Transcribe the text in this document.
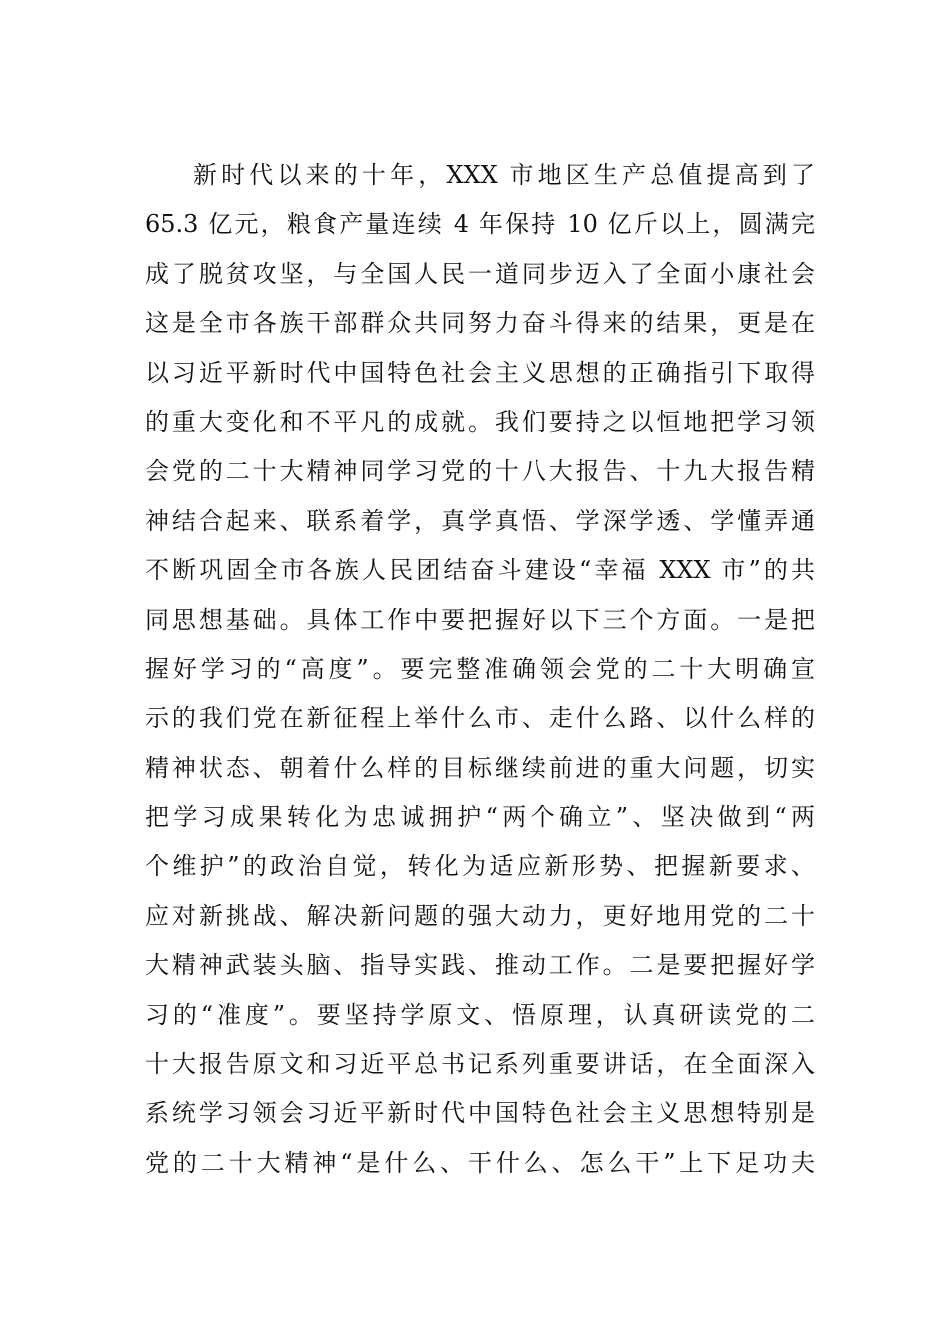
新时代以来的十年，XXX 市地区生产总值提高到了
65.3 亿元，粮食产量连续 4 年保持 10 亿斤以上，圆满完
成了脱贫攻坚，与全国人民一道同步迈入了全面小康社会
这是全市各族干部群众共同努力奋斗得来的结果，更是在
以习近平新时代中国特色社会主义思想的正确指引下取得
的重大变化和不平凡的成就。我们要持之以恒地把学习领
会党的二十大精神同学习党的十八大报告、十九大报告精
神结合起来、联系着学，真学真悟、学深学透、学懂弄通
不断巩固全市各族人民团结奋斗建设“幸福 XXX 市”的共
同思想基础。具体工作中要把握好以下三个方面。一是把
握好学习的“高度”。要完整准确领会党的二十大明确宣
示的我们党在新征程上举什么市、走什么路、以什么样的
精神状态、朝着什么样的目标继续前进的重大问题，切实
把学习成果转化为忠诚拥护“两个确立”、坚决做到“两
个维护”的政治自觉，转化为适应新形势、把握新要求、
应对新挑战、解决新问题的强大动力，更好地用党的二十
大精神武装头脑、指导实践、推动工作。二是要把握好学
习的“准度”。要坚持学原文、悟原理，认真研读党的二
十大报告原文和习近平总书记系列重要讲话，在全面深入
系统学习领会习近平新时代中国特色社会主义思想特别是
党的二十大精神“是什么、干什么、怎么干”上下足功夫
